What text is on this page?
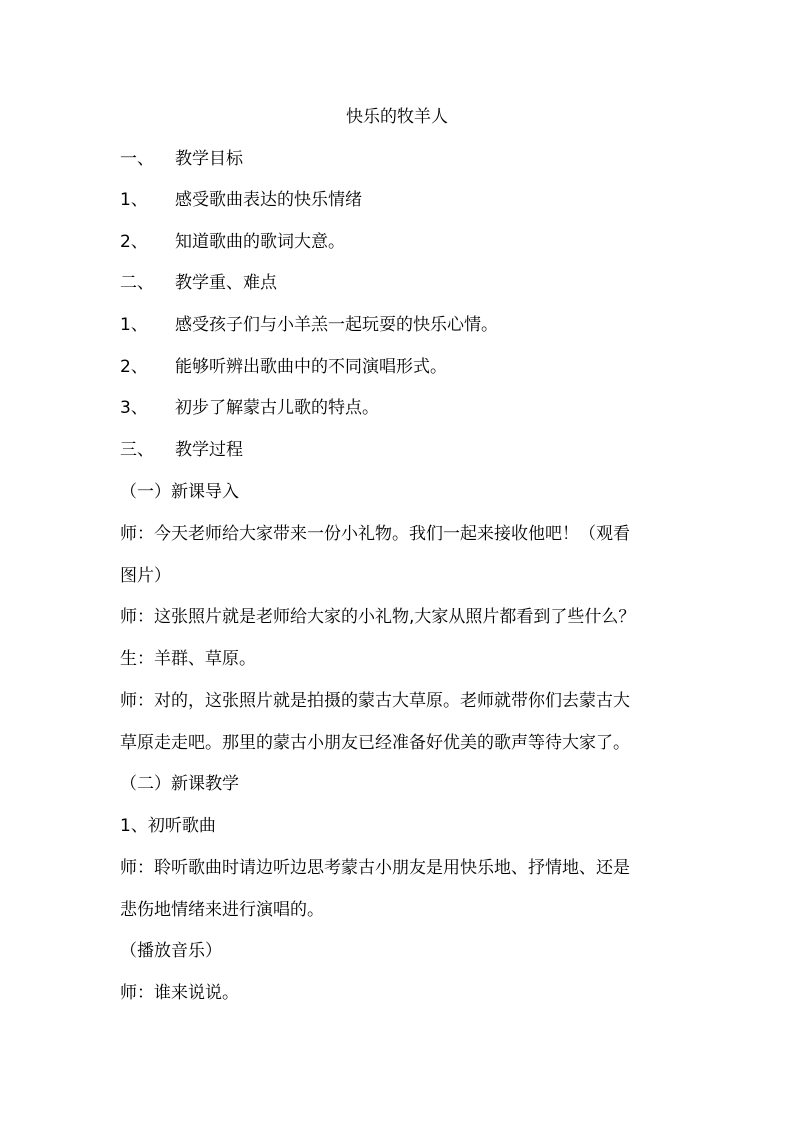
快乐的牧羊人
一、 教学目标
1、 感受歌曲表达的快乐情绪
2、 知道歌曲的歌词大意。
二、 教学重、难点
1、 感受孩子们与小羊羔一起玩耍的快乐心情。
2、 能够听辨出歌曲中的不同演唱形式。
3、 初步了解蒙古儿歌的特点。
三、 教学过程
（一）新课导入
师：今天老师给大家带来一份小礼物。我们一起来接收他吧！（观看
图片）
师：这张照片就是老师给大家的小礼物,大家从照片都看到了些什么？
生：羊群、草原。
师：对的，这张照片就是拍摄的蒙古大草原。老师就带你们去蒙古大
草原走走吧。那里的蒙古小朋友已经准备好优美的歌声等待大家了。
（二）新课教学
1、初听歌曲
师：聆听歌曲时请边听边思考蒙古小朋友是用快乐地、抒情地、还是
悲伤地情绪来进行演唱的。
（播放音乐）
师：谁来说说。
